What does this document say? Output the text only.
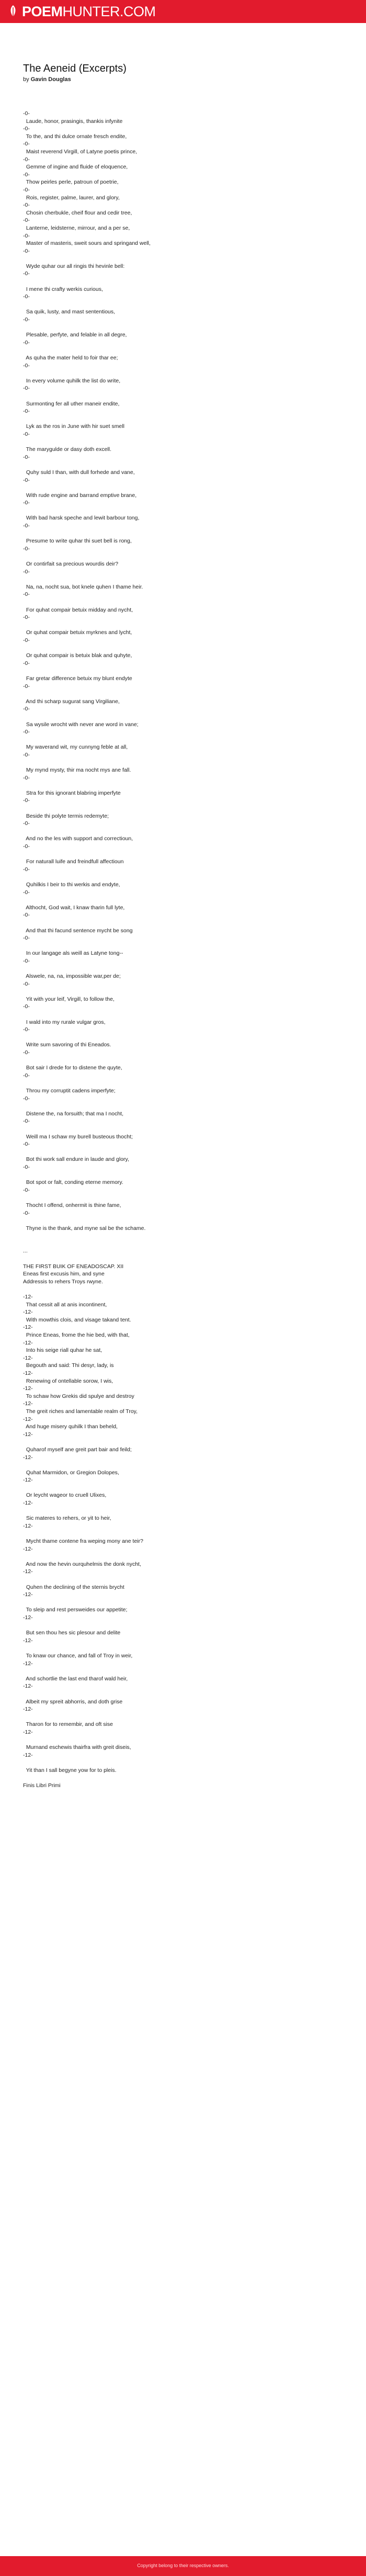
POEMHUNTER.COM
The Aeneid (Excerpts)
by Gavin Douglas
-0-
Laude, honor, prasingis, thankis infynite
-0-
To the, and thi dulce ornate fresch endite,
-0-
Maist reverend Virgill, of Latyne poetis prince,
-0-
Gemme of ingine and fluide of eloquence,
-0-
Thow peirles perle, patroun of poetrie,
-0-
Rois, register, palme, laurer, and glory,
-0-
Chosin cherbukle, cheif flour and cedir tree,
-0-
Lanterne, leidsterne, mirrour, and a per se,
-0-
Master of masteris, sweit sours and springand well,
-0-
Wyde quhar our all ringis thi hevinle bell:
-0-
I mene thi crafty werkis curious,
-0-
Sa quik, lusty, and mast sententious,
-0-
Plesable, perfyte, and felable in all degre,
-0-
As quha the mater held to foir thar ee;
-0-
In every volume quhilk the list do write,
-0-
Surmonting fer all uther maneir endite,
-0-
Lyk as the ros in June with hir suet smell
-0-
The marygulde or dasy doth excell.
-0-
Quhy suld I than, with dull forhede and vane,
-0-
With rude engine and barrand emptive brane,
-0-
With bad harsk speche and lewit barbour tong,
-0-
Presume to write quhar thi suet bell is rong,
-0-
Or contirfait sa precious wourdis deir?
-0-
Na, na, nocht sua, bot knele quhen I thame heir.
-0-
For quhat compair betuix midday and nycht,
-0-
Or quhat compair betuix myrknes and lycht,
-0-
Or quhat compair is betuix blak and quhyte,
-0-
Far gretar difference betuix my blunt endyte
-0-
And thi scharp sugurat sang Virgiliane,
-0-
Sa wysile wrocht with never ane word in vane;
-0-
My waverand wit, my cunnyng feble at all,
-0-
My mynd mysty, thir ma nocht mys ane fall.
-0-
Stra for this ignorant blabring imperfyte
-0-
Beside thi polyte termis redemyte;
-0-
And no the les with support and correctioun,
-0-
For naturall luife and freindfull affectioun
-0-
Quhilkis I beir to thi werkis and endyte,
-0-
Althocht, God wait, I knaw tharin full lyte,
-0-
And that thi facund sentence mycht be song
-0-
In our langage als weill as Latyne tong--
-0-
Alswele, na, na, impossible war,per de;
-0-
Yit with your leif, Virgill, to follow the,
-0-
I wald into my rurale vulgar gros,
-0-
Write sum savoring of thi Eneados.
-0-
Bot sair I drede for to distene the quyte,
-0-
Throu my corruptit cadens imperfyte;
-0-
Distene the, na forsuith; that ma I nocht,
-0-
Weill ma I schaw my burell busteous thocht;
-0-
Bot thi work sall endure in laude and glory,
-0-
Bot spot or falt, conding eterne memory.
-0-
Thocht I offend, onhermit is thine fame,
-0-
Thyne is the thank, and myne sal be the schame.
...
THE FIRST BUIK OF ENEADOSCAP. XII
Eneas first excusis him, and syne
Addressis to rehers Troys rwyne.
-12-
That cessit all at anis incontinent,
-12-
With mowthis clois, and visage takand tent.
-12-
Prince Eneas, frome the hie bed, with that,
-12-
Into his seige riall quhar he sat,
-12-
Begouth and said: Thi desyr, lady, is
-12-
Renewing of ontellable sorow, I wis,
-12-
To schaw how Grekis did spulye and destroy
-12-
The greit riches and lamentable realm of Troy,
-12-
And huge misery quhilk I than beheld,
-12-
Quharof myself ane greit part bair and feild;
-12-
Quhat Marmidon, or Gregion Dolopes,
-12-
Or leycht wageor to cruell Ulixes,
-12-
Sic materes to rehers, or yit to heir,
-12-
Mycht thame contene fra weping mony ane teir?
-12-
And now the hevin ourquhelmis the donk nycht,
-12-
Quhen the declining of the sternis brycht
-12-
To sleip and rest persweides our appetite;
-12-
But sen thou hes sic plesour and delite
-12-
To knaw our chance, and fall of Troy in weir,
-12-
And schortlie the last end tharof wald heir,
-12-
Albeit my spreit abhorris, and doth grise
-12-
Tharon for to remembir, and oft sise
-12-
Murnand eschewis thairfra with greit diseis,
-12-
Yit than I sall begyne yow for to pleis.
Finis Libri Primi
Copyright belong to their respective owners.
